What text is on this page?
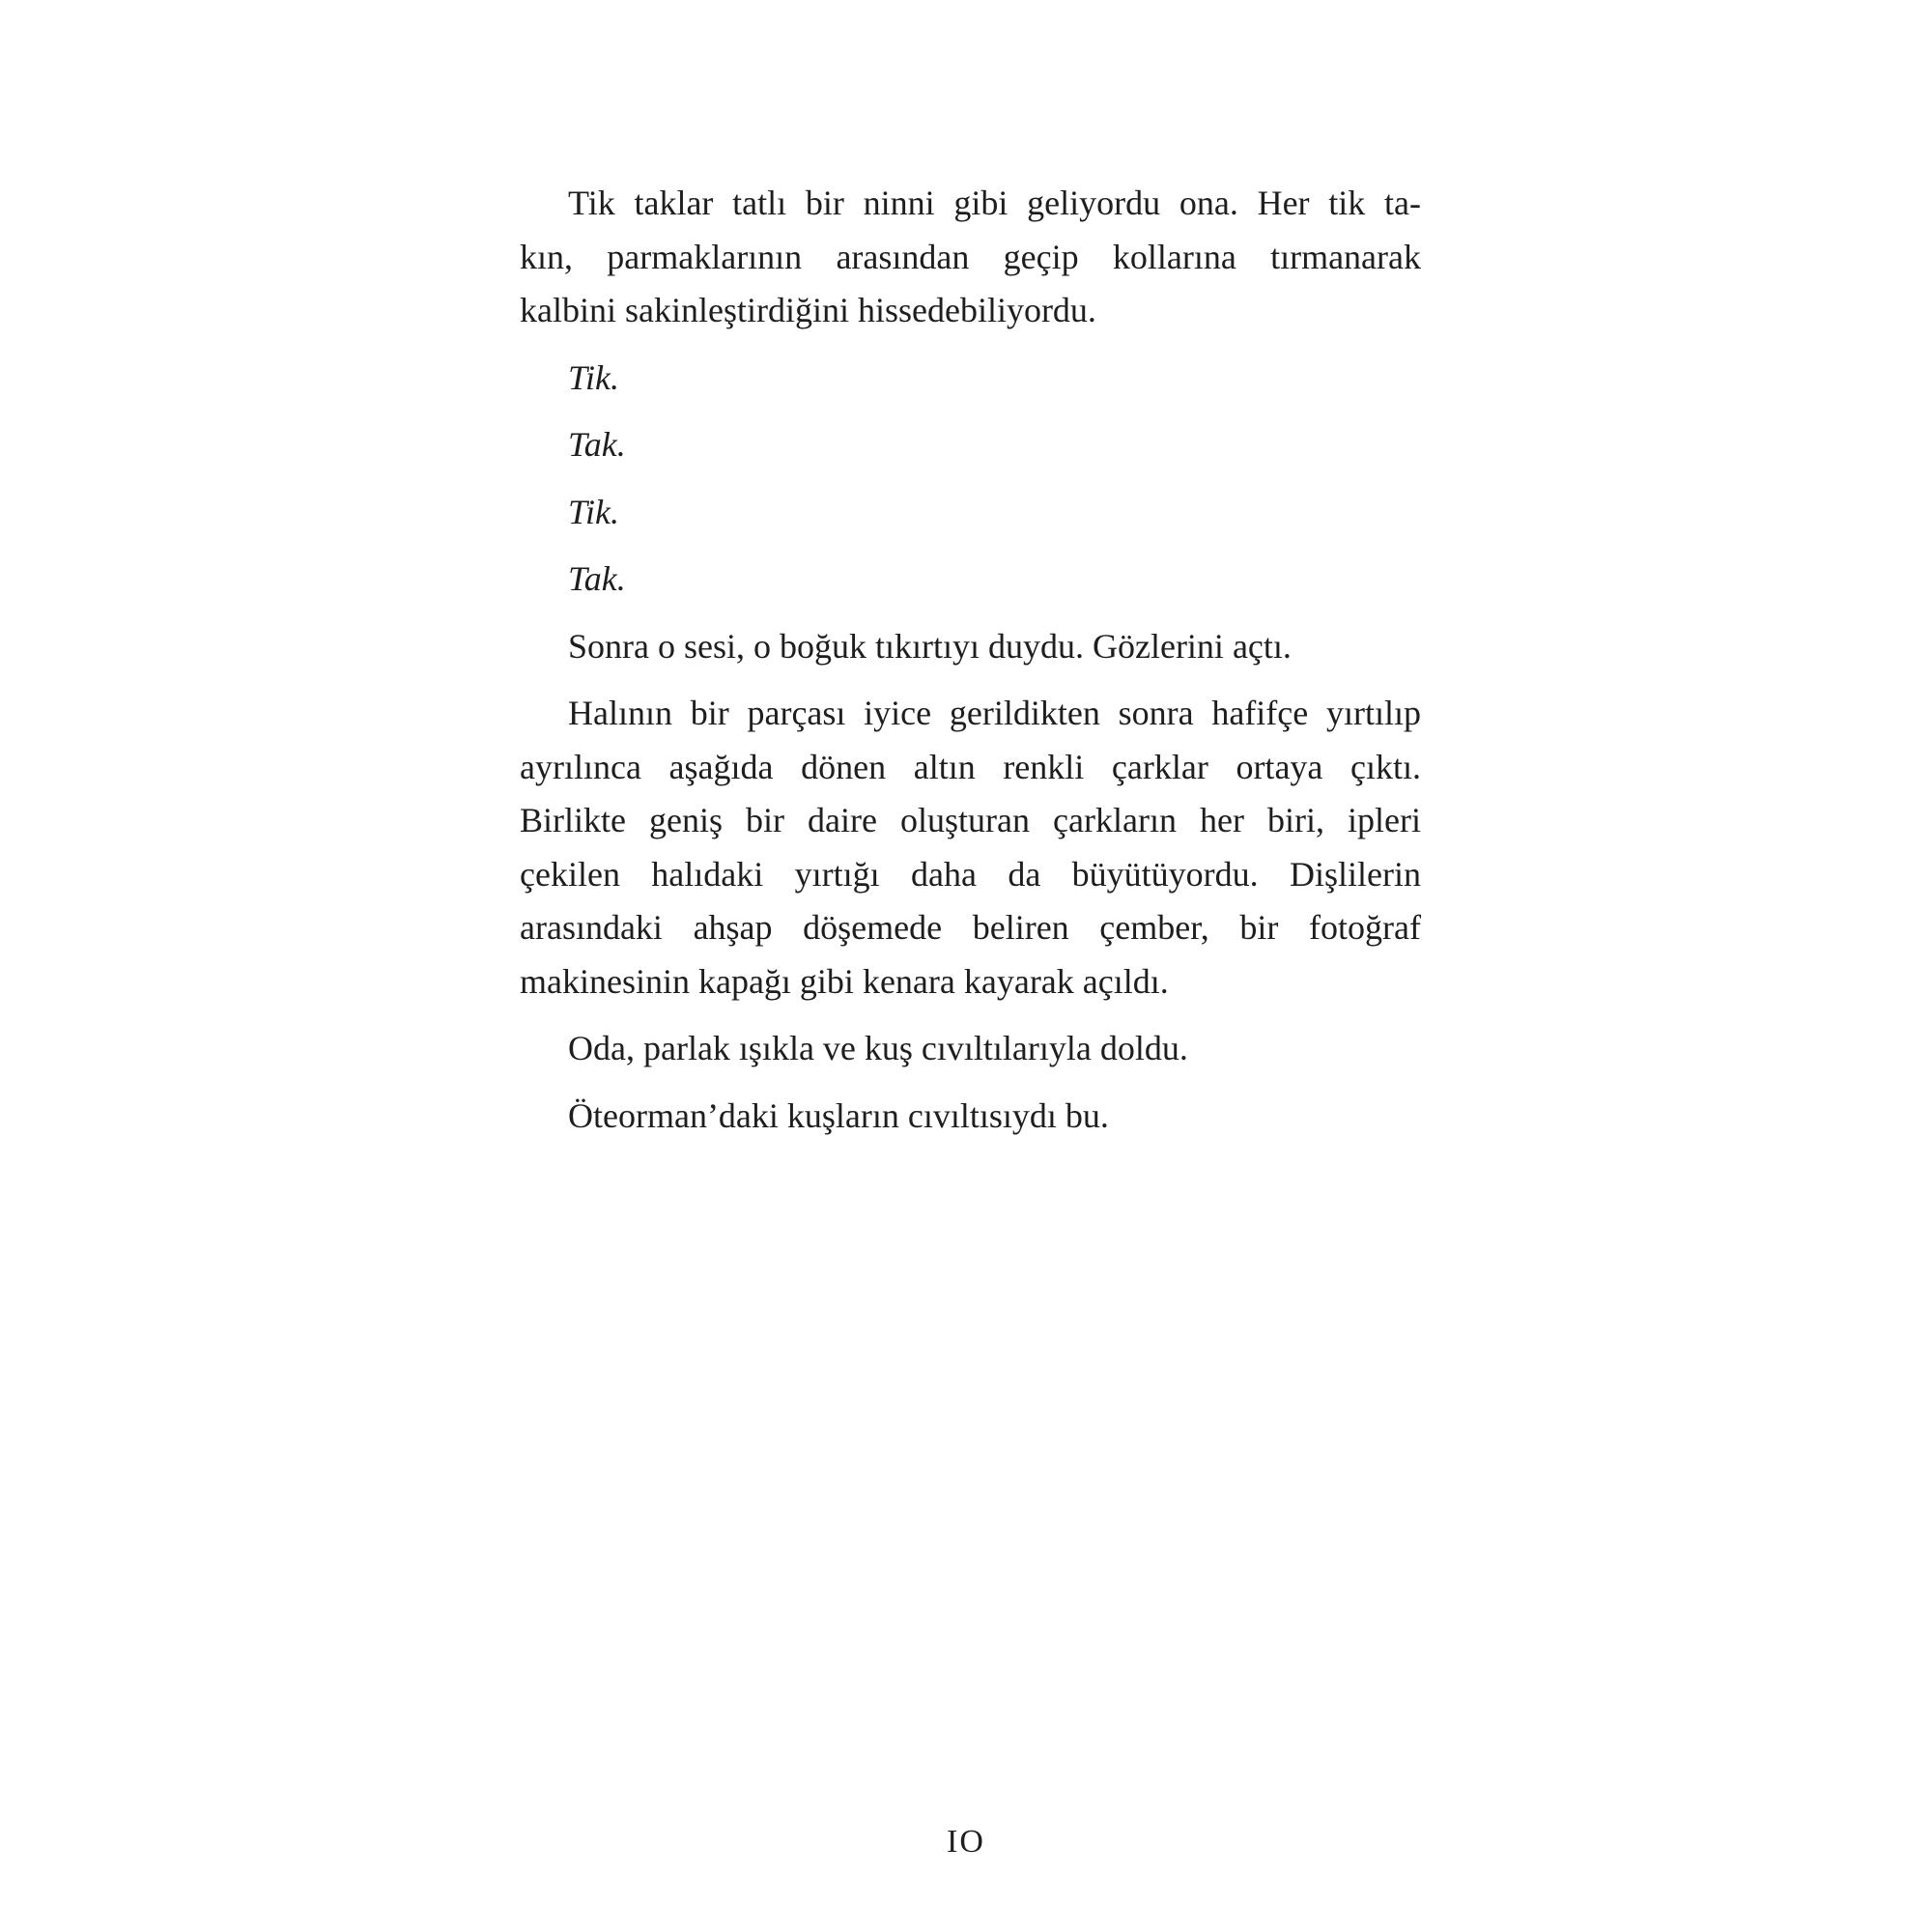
Tik taklar tatlı bir ninni gibi geliyordu ona. Her tik ta-
kın, parmaklarının arasından geçip kollarına tırmanarak
kalbini sakinleştirdiğini hissedebiliyordu.
Tik.
Tak.
Tik.
Tak.
Sonra o sesi, o boğuk tıkırtıyı duydu. Gözlerini açtı.
Halının bir parçası iyice gerildikten sonra hafifçe yırtılıp
ayrılınca aşağıda dönen altın renkli çarklar ortaya çıktı.
Birlikte geniş bir daire oluşturan çarkların her biri, ipleri
çekilen halıdaki yırtığı daha da büyütüyordu. Dişlilerin
arasındaki ahşap döşemede beliren çember, bir fotoğraf
makinesinin kapağı gibi kenara kayarak açıldı.
Oda, parlak ışıkla ve kuş cıvıltılarıyla doldu.
Öteorman’daki kuşların cıvıltısıydı bu.
IO
